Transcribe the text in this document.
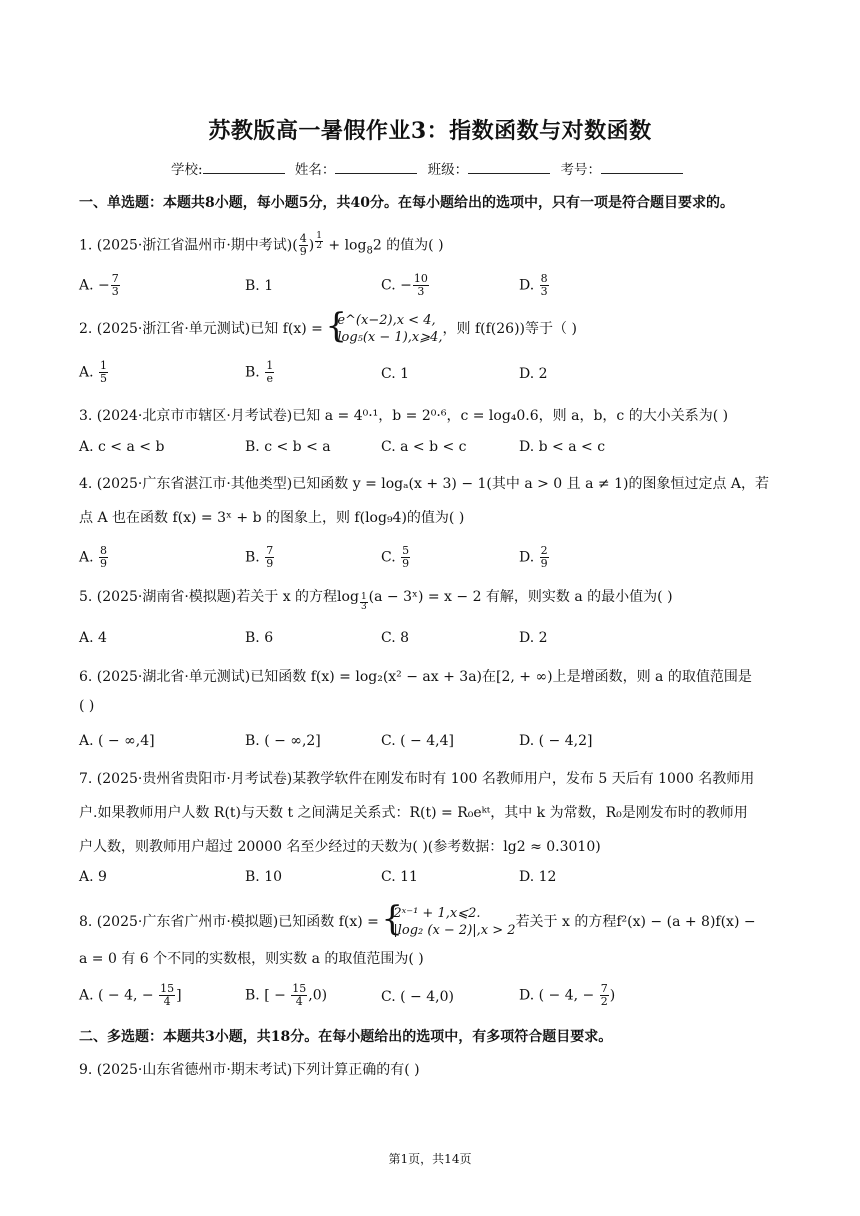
苏教版高一暑假作业3：指数函数与对数函数
学校:	姓名：	班级：	考号：
一、单选题：本题共8小题，每小题5分，共40分。在每小题给出的选项中，只有一项是符合题目要求的。
1. (2025·浙江省温州市·期中考试)( $\frac{4}{9}$ ) $^{\frac{1}{2}} + \log_82$ 的值为( )
A. − $\frac{7}{3}$	B. 1	C. − $\frac{10}{3}$	D. $\frac{8}{3}$
2. (2025·浙江省·单元测试)已知 f(x) =
{ e^(x−2),x < 4,
log₅(x − 1),x⩾4,
，则 f(f(26))等于（ )
A. $\frac{1}{5}$	B. $\frac{1}{e}$	C. 1	D. 2
3. (2024·北京市市辖区·月考试卷)已知 a = 4⁰·¹，b = 2⁰·⁶，c = log₄0.6，则 a，b，c 的大小关系为( )
A. c < a < b	B. c < b < a	C. a < b < c	D. b < a < c
4. (2025·广东省湛江市·其他类型)已知函数 y = logₐ(x + 3) − 1(其中 a > 0 且 a ≠ 1)的图象恒过定点 A，若
点 A 也在函数 f(x) = 3ˣ + b 的图象上，则 f(log₉4)的值为( )
A. $\frac{8}{9}$	B. $\frac{7}{9}$	C. $\frac{5}{9}$	D. $\frac{2}{9}$
5. (2025·湖南省·模拟题)若关于 x 的方程log $_{\frac{1}{3}}$ (a − 3ˣ) = x − 2 有解，则实数 a 的最小值为( )
A. 4	B. 6	C. 8	D. 2
6. (2025·湖北省·单元测试)已知函数 f(x) = log₂(x² − ax + 3a)在[2, + ∞)上是增函数，则 a 的取值范围是
( )
A. ( − ∞,4]	B. ( − ∞,2]	C. ( − 4,4]	D. ( − 4,2]
7. (2025·贵州省贵阳市·月考试卷)某教学软件在刚发布时有 100 名教师用户，发布 5 天后有 1000 名教师用
户.如果教师用户人数 R(t)与天数 t 之间满足关系式：R(t) = R₀eᵏᵗ，其中 k 为常数，R₀是刚发布时的教师用
户人数，则教师用户超过 20000 名至少经过的天数为( )(参考数据：lg2 ≈ 0.3010)
A. 9	B. 10	C. 11	D. 12
8. (2025·广东省广州市·模拟题)已知函数 f(x) =
{ 2ˣ⁻¹ + 1,x⩽2.
|log₂ (x − 2)|,x > 2
若关于 x 的方程f²(x) − (a + 8)f(x) −
a = 0 有 6 个不同的实数根，则实数 a 的取值范围为( )
A. ( − 4, − $\frac{15}{4}$ ]	B. [ − $\frac{15}{4} ,0$)	C. ( − 4,0)	D. ( − 4, − $\frac{7}{2}$ )
二、多选题：本题共3小题，共18分。在每小题给出的选项中，有多项符合题目要求。
9. (2025·山东省德州市·期末考试)下列计算正确的有( )
第1页，共14页
